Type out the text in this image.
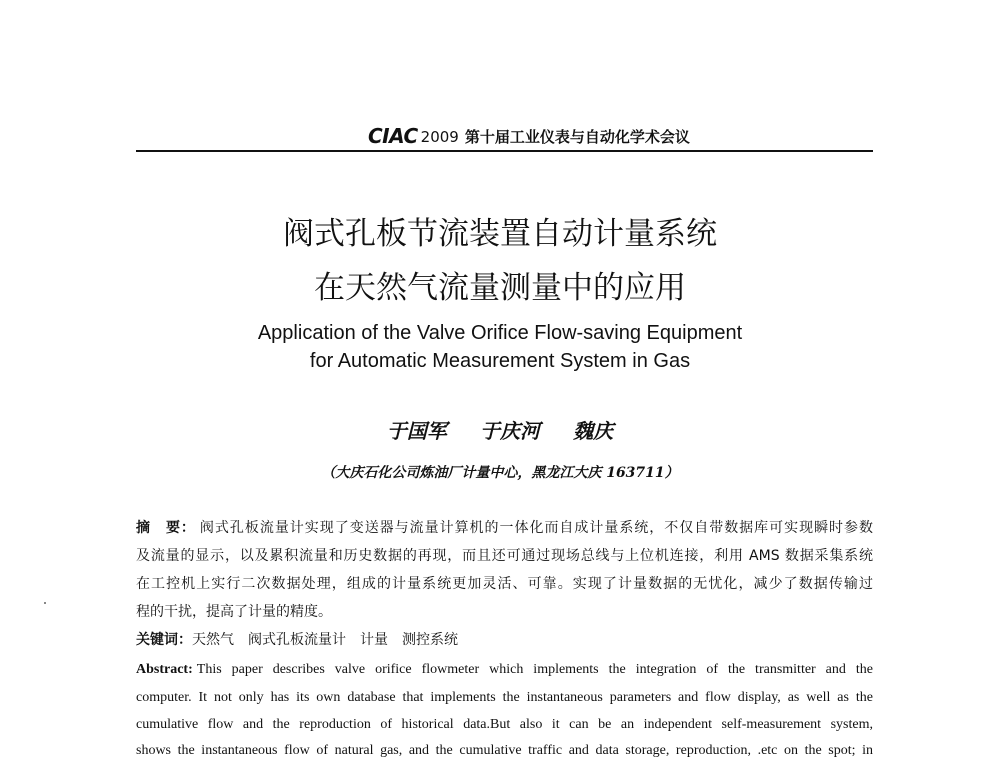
CIAC 2009 第十届工业仪表与自动化学术会议
阀式孔板节流装置自动计量系统
在天然气流量测量中的应用
Application of the Valve Orifice Flow-saving Equipment
for Automatic Measurement System in Gas
于国军 于庆河 魏庆
（大庆石化公司炼油厂计量中心，黑龙江大庆 163711）
摘　要： 阀式孔板流量计实现了变送器与流量计算机的一体化而自成计量系统，不仅自带数据库可实现瞬时参数
及流量的显示，以及累积流量和历史数据的再现，而且还可通过现场总线与上位机连接，利用 AMS 数据采集系统
在工控机上实行二次数据处理，组成的计量系统更加灵活、可靠。实现了计量数据的无忧化，减少了数据传输过
程的干扰，提高了计量的精度。
关键词：天然气 阀式孔板流量计 计量 测控系统
Abstract: This paper describes valve orifice flowmeter which implements the integration of the transmitter and the
computer. It not only has its own database that implements the instantaneous parameters and flow display, as well as the
cumulative flow and the reproduction of historical data.But also it can be an independent self-measurement system,
shows the instantaneous flow of natural gas, and the cumulative traffic and data storage, reproduction, .etc on the spot; in
